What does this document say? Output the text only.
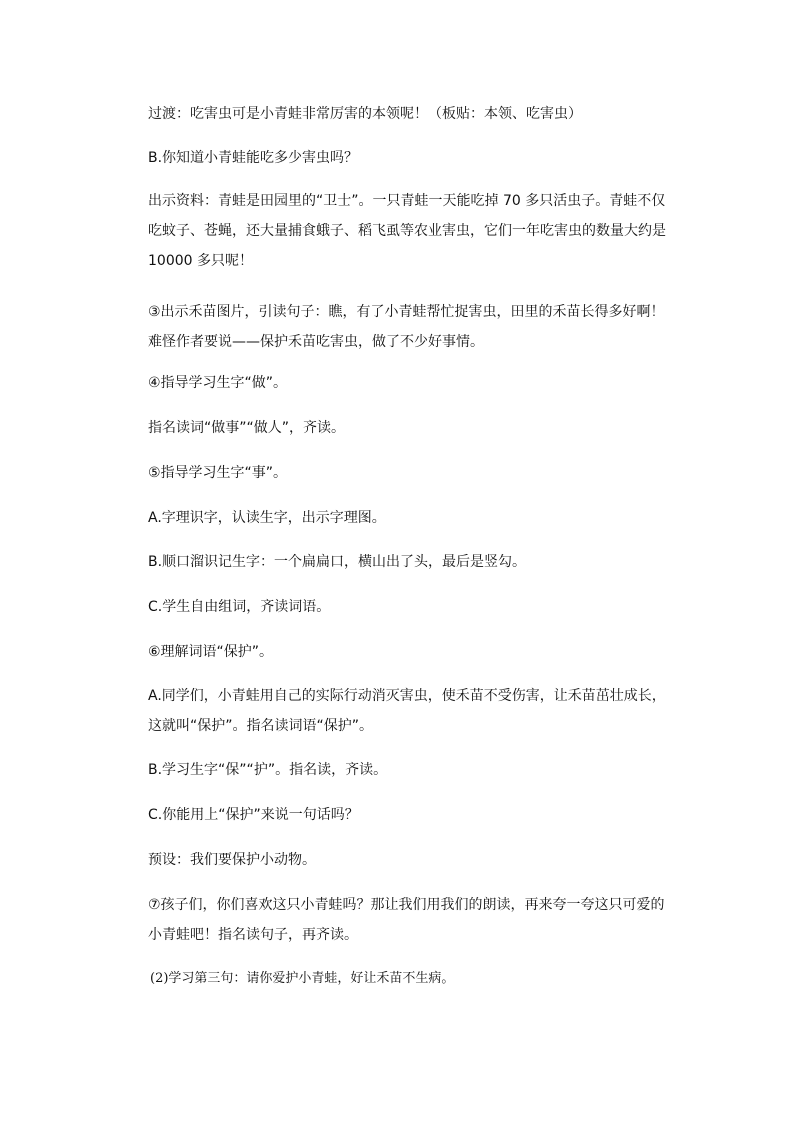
过渡：吃害虫可是小青蛙非常厉害的本领呢！（板贴：本领、吃害虫）
B.你知道小青蛙能吃多少害虫吗？
出示资料：青蛙是田园里的“卫士”。一只青蛙一天能吃掉 70 多只活虫子。青蛙不仅
吃蚊子、苍蝇，还大量捕食蛾子、稻飞虱等农业害虫，它们一年吃害虫的数量大约是
10000 多只呢！
③出示禾苗图片，引读句子：瞧，有了小青蛙帮忙捉害虫，田里的禾苗长得多好啊！
难怪作者要说——保护禾苗吃害虫，做了不少好事情。
④指导学习生字“做”。
指名读词“做事”“做人”，齐读。
⑤指导学习生字“事”。
A.字理识字，认读生字，出示字理图。
B.顺口溜识记生字：一个扁扁口，横山出了头，最后是竖勾。
C.学生自由组词，齐读词语。
⑥理解词语“保护”。
A.同学们，小青蛙用自己的实际行动消灭害虫，使禾苗不受伤害，让禾苗茁壮成长，
这就叫“保护”。指名读词语“保护”。
B.学习生字“保”“护”。指名读，齐读。
C.你能用上“保护”来说一句话吗？
预设：我们要保护小动物。
⑦孩子们，你们喜欢这只小青蛙吗？那让我们用我们的朗读，再来夸一夸这只可爱的
小青蛙吧！指名读句子，再齐读。
(2)学习第三句：请你爱护小青蛙，好让禾苗不生病。
